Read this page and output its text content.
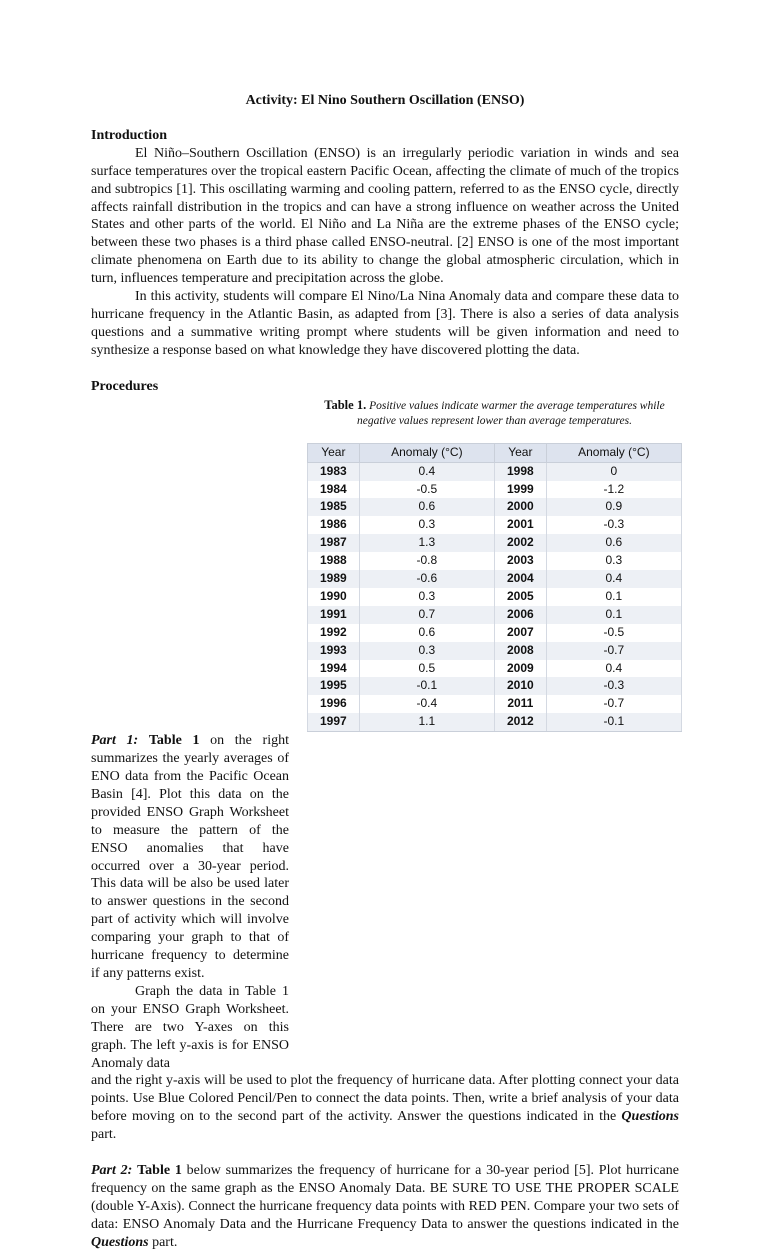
Activity: El Nino Southern Oscillation (ENSO)

Introduction

El Niño–Southern Oscillation (ENSO) is an irregularly periodic variation in winds and sea surface temperatures over the tropical eastern Pacific Ocean, affecting the climate of much of the tropics and subtropics [1]. This oscillating warming and cooling pattern, referred to as the ENSO cycle, directly affects rainfall distribution in the tropics and can have a strong influence on weather across the United States and other parts of the world. El Niño and La Niña are the extreme phases of the ENSO cycle; between these two phases is a third phase called ENSO-neutral. [2] ENSO is one of the most important climate phenomena on Earth due to its ability to change the global atmospheric circulation, which in turn, influences temperature and precipitation across the globe.

In this activity, students will compare El Nino/La Nina Anomaly data and compare these data to hurricane frequency in the Atlantic Basin, as adapted from [3]. There is also a series of data analysis questions and a summative writing prompt where students will be given information and need to synthesize a response based on what knowledge they have discovered plotting the data.

Procedures

Table 1. Positive values indicate warmer the average temperatures while negative values represent lower than average temperatures.
Year	Anomaly (°C)	Year	Anomaly (°C)
1983	0.4	1998	0
1984	-0.5	1999	-1.2
1985	0.6	2000	0.9
1986	0.3	2001	-0.3
1987	1.3	2002	0.6
1988	-0.8	2003	0.3
1989	-0.6	2004	0.4
1990	0.3	2005	0.1
1991	0.7	2006	0.1
1992	0.6	2007	-0.5
1993	0.3	2008	-0.7
1994	0.5	2009	0.4
1995	-0.1	2010	-0.3
1996	-0.4	2011	-0.7
1997	1.1	2012	-0.1

Part 1: Table 1 on the right summarizes the yearly averages of ENO data from the Pacific Ocean Basin [4]. Plot this data on the provided ENSO Graph Worksheet to measure the pattern of the ENSO anomalies that have occurred over a 30-year period. This data will be also be used later to answer questions in the second part of activity which will involve comparing your graph to that of hurricane frequency to determine if any patterns exist.

Graph the data in Table 1 on your ENSO Graph Worksheet. There are two Y-axes on this graph. The left y-axis is for ENSO Anomaly data

and the right y-axis will be used to plot the frequency of hurricane data. After plotting connect your data points. Use Blue Colored Pencil/Pen to connect the data points. Then, write a brief analysis of your data before moving on to the second part of the activity. Answer the questions indicated in the Questions part.

Part 2: Table 1 below summarizes the frequency of hurricane for a 30-year period [5]. Plot hurricane frequency on the same graph as the ENSO Anomaly Data. BE SURE TO USE THE PROPER SCALE (double Y-Axis). Connect the hurricane frequency data points with RED PEN. Compare your two sets of data: ENSO Anomaly Data and the Hurricane Frequency Data to answer the questions indicated in the Questions part.
